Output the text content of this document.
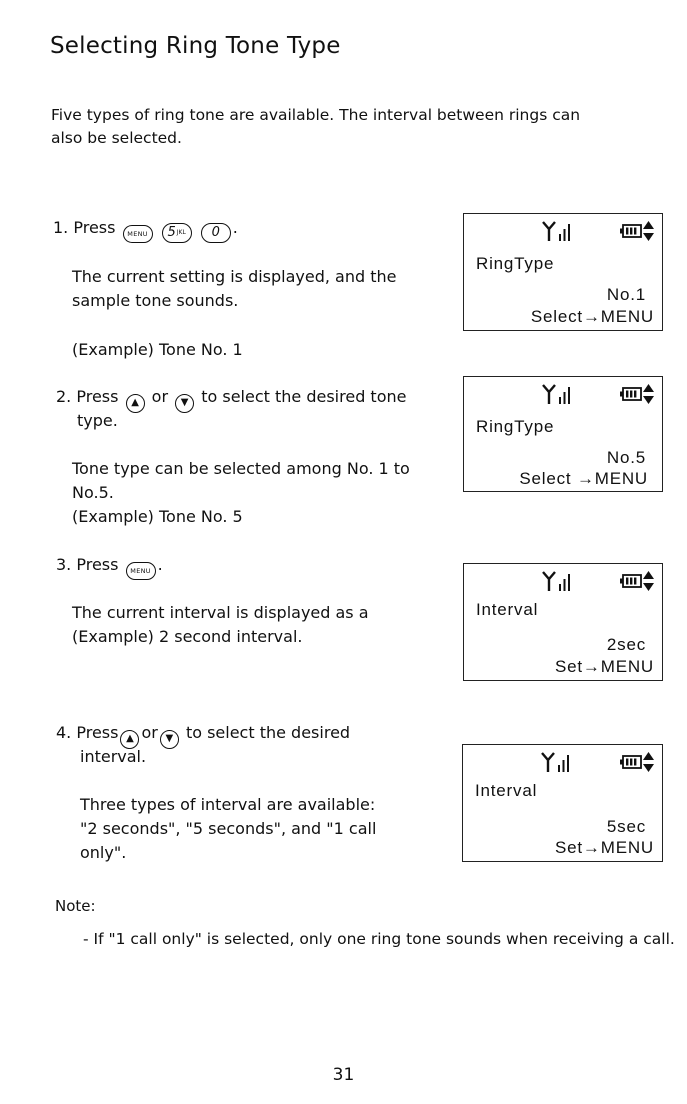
Selecting Ring Tone Type
Five types of ring tone are available. The interval between rings can also be selected.
1. Press MENU 5 JKL 0 .
The current setting is displayed, and the
sample tone sounds.
(Example) Tone No. 1
2. Press ▲ or ▼ to select the desired tone
type.
Tone type can be selected among No. 1 to
No.5.
(Example) Tone No. 5
3. Press MENU .
The current interval is displayed as a
(Example) 2 second interval.
4. Press ▲ or ▼ to select the desired
interval.
Three types of interval are available:
"2 seconds", "5 seconds", and "1 call
only".
RingType
No.1
Select→MENU
RingType
No.5
Select →MENU
Interval
2sec
Set→MENU
Interval
5sec
Set→MENU
Note:
- If "1 call only" is selected, only one ring tone sounds when receiving a call.
31
